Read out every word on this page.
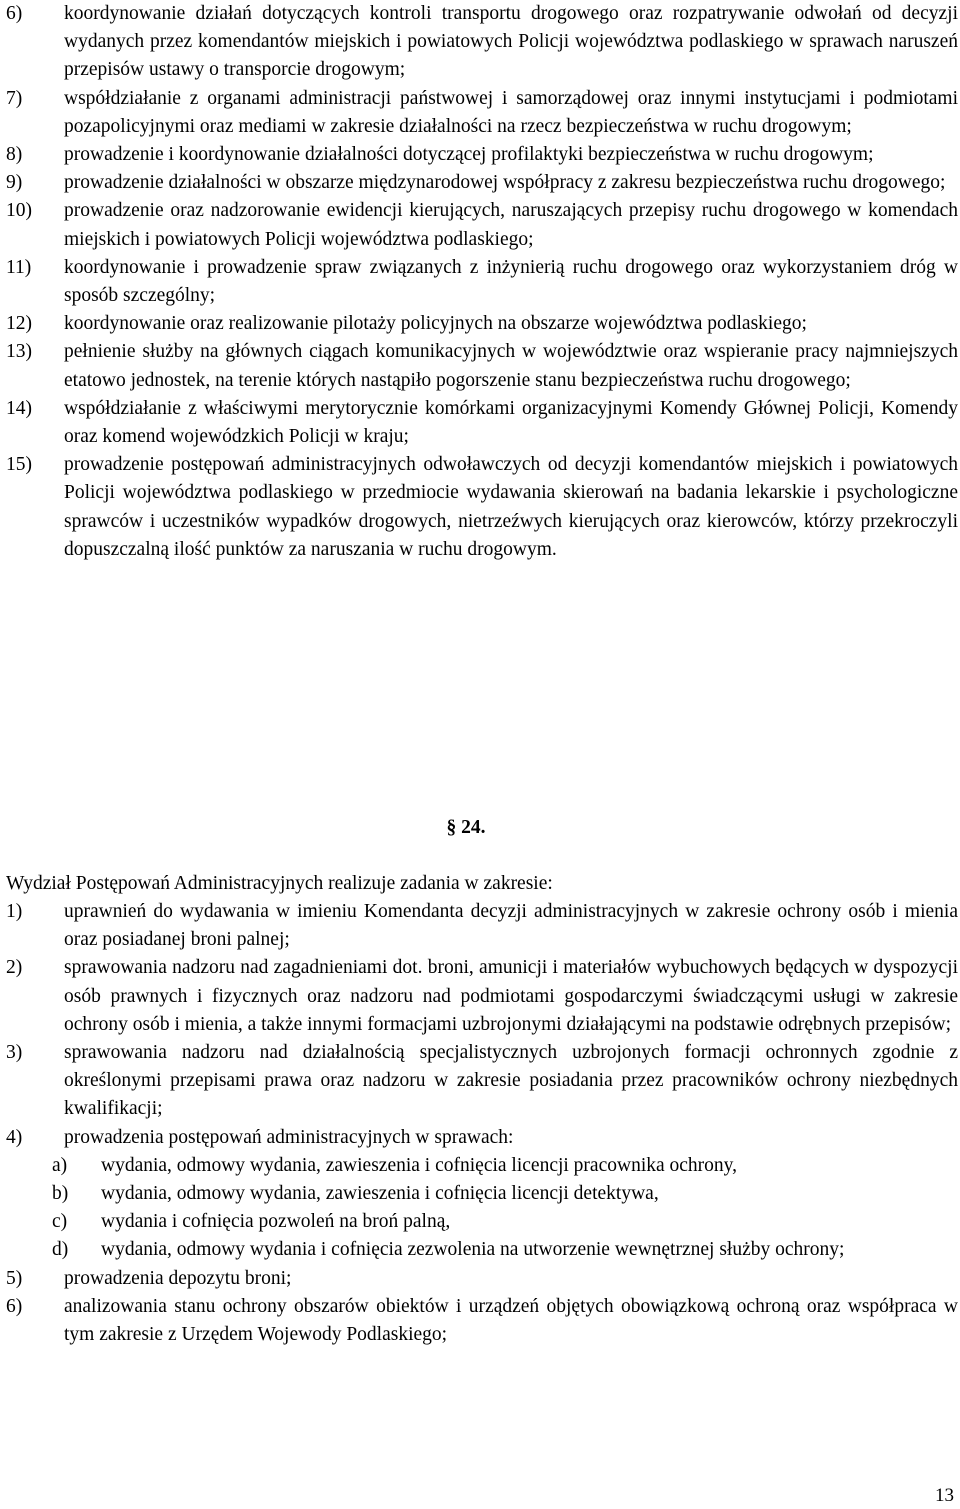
6) koordynowanie działań dotyczących kontroli transportu drogowego oraz rozpatrywanie odwołań od decyzji wydanych przez komendantów miejskich i powiatowych Policji województwa podlaskiego w sprawach naruszeń przepisów ustawy o transporcie drogowym;
7) współdziałanie z organami administracji państwowej i samorządowej oraz innymi instytucjami i podmiotami pozapolicyjnymi oraz mediami w zakresie działalności na rzecz bezpieczeństwa w ruchu drogowym;
8) prowadzenie i koordynowanie działalności dotyczącej profilaktyki bezpieczeństwa w ruchu drogowym;
9) prowadzenie działalności w obszarze międzynarodowej współpracy z zakresu bezpieczeństwa ruchu drogowego;
10) prowadzenie oraz nadzorowanie ewidencji kierujących, naruszających przepisy ruchu drogowego w komendach miejskich i powiatowych Policji województwa podlaskiego;
11) koordynowanie i prowadzenie spraw związanych z inżynierią ruchu drogowego oraz wykorzystaniem dróg w sposób szczególny;
12) koordynowanie oraz realizowanie pilotaży policyjnych na obszarze województwa podlaskiego;
13) pełnienie służby na głównych ciągach komunikacyjnych w województwie oraz wspieranie pracy najmniejszych etatowo jednostek, na terenie których nastąpiło pogorszenie stanu bezpieczeństwa ruchu drogowego;
14) współdziałanie z właściwymi merytorycznie komórkami organizacyjnymi Komendy Głównej Policji, Komendy oraz komend wojewódzkich Policji w kraju;
15) prowadzenie postępowań administracyjnych odwoławczych od decyzji komendantów miejskich i powiatowych Policji województwa podlaskiego w przedmiocie wydawania skierowań na badania lekarskie i psychologiczne sprawców i uczestników wypadków drogowych, nietrzeźwych kierujących oraz kierowców, którzy przekroczyli dopuszczalną ilość punktów za naruszania w ruchu drogowym.
§ 24.
Wydział Postępowań Administracyjnych realizuje zadania w zakresie:
1) uprawnień do wydawania w imieniu Komendanta decyzji administracyjnych w zakresie ochrony osób i mienia oraz posiadanej broni palnej;
2) sprawowania nadzoru nad zagadnieniami dot. broni, amunicji i materiałów wybuchowych będących w dyspozycji osób prawnych i fizycznych oraz nadzoru nad podmiotami gospodarczymi świadczącymi usługi w zakresie ochrony osób i mienia, a także innymi formacjami uzbrojonymi działającymi na podstawie odrębnych przepisów;
3) sprawowania nadzoru nad działalnością specjalistycznych uzbrojonych formacji ochronnych zgodnie z określonymi przepisami prawa oraz nadzoru w zakresie posiadania przez pracowników ochrony niezbędnych kwalifikacji;
4) prowadzenia postępowań administracyjnych w sprawach:
a) wydania, odmowy wydania, zawieszenia i cofnięcia licencji pracownika ochrony,
b) wydania, odmowy wydania, zawieszenia i cofnięcia licencji detektywa,
c) wydania i cofnięcia pozwoleń na broń palną,
d) wydania, odmowy wydania i cofnięcia zezwolenia na utworzenie wewnętrznej służby ochrony;
5) prowadzenia depozytu broni;
6) analizowania stanu ochrony obszarów obiektów i urządzeń objętych obowiązkową ochroną oraz współpraca w tym zakresie z Urzędem Wojewody Podlaskiego;
13
